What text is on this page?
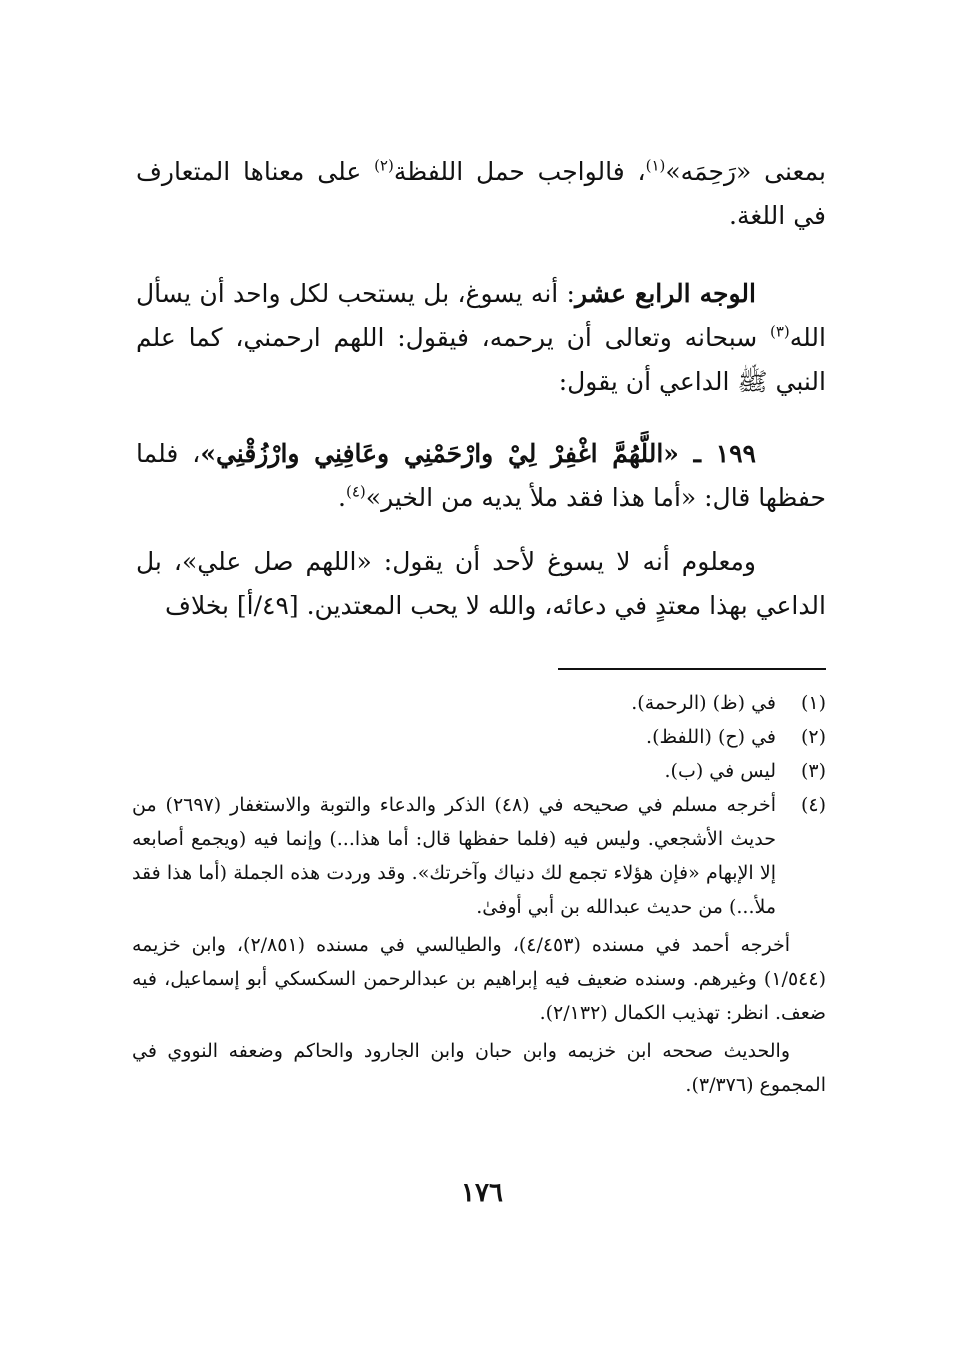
بمعنى «رَحِمَه»$^{(١)}$، فالواجب حمل اللفظة$^{(٢)}$ على معناها المتعارف في اللغة.

الوجه الرابع عشر: أنه يسوغ، بل يستحب لكل واحد أن يسأل الله$^{(٣)}$ سبحانه وتعالى أن يرحمه، فيقول: اللهم ارحمني، كما علم النبي ﷺ الداعي أن يقول:

١٩٩ ـ «اللَّهُمَّ اغْفِرْ لِيْ وارْحَمْنِي وعَافِنِي وارْزُقْنِي»، فلما حفظها قال: «أما هذا فقد ملأ يديه من الخير»$^{(٤)}$.

ومعلوم أنه لا يسوغ لأحد أن يقول: «اللهم صل علي»، بل الداعي بهذا معتدٍ في دعائه، والله لا يحب المعتدين. [٤٩/أ] بخلاف

(١)
في (ظ) (الرحمة).
(٢)
في (ح) (اللفظ).
(٣)
ليس في (ب).
(٤)
أخرجه مسلم في صحيحه في (٤٨) الذكر والدعاء والتوبة والاستغفار (٢٦٩٧) من حديث الأشجعي. وليس فيه (فلما حفظها قال: أما هذا...) وإنما فيه (ويجمع أصابعه إلا الإبهام «فإن هؤلاء تجمع لك دنياك وآخرتك». وقد وردت هذه الجملة (أما هذا فقد ملأ...) من حديث عبدالله بن أبي أوفىٰ.
أخرجه أحمد في مسنده (٤/٤٥٣)، والطيالسي في مسنده (٢/٨٥١)، وابن خزيمه (١/٥٤٤) وغيرهم. وسنده ضعيف فيه إبراهيم بن عبدالرحمن السكسكي أبو إسماعيل، فيه ضعف. انظر: تهذيب الكمال (٢/١٣٢).
والحديث صححه ابن خزيمه وابن حبان وابن الجارود والحاكم وضعفه النووي في المجموع (٣/٣٧٦).
١٧٦
